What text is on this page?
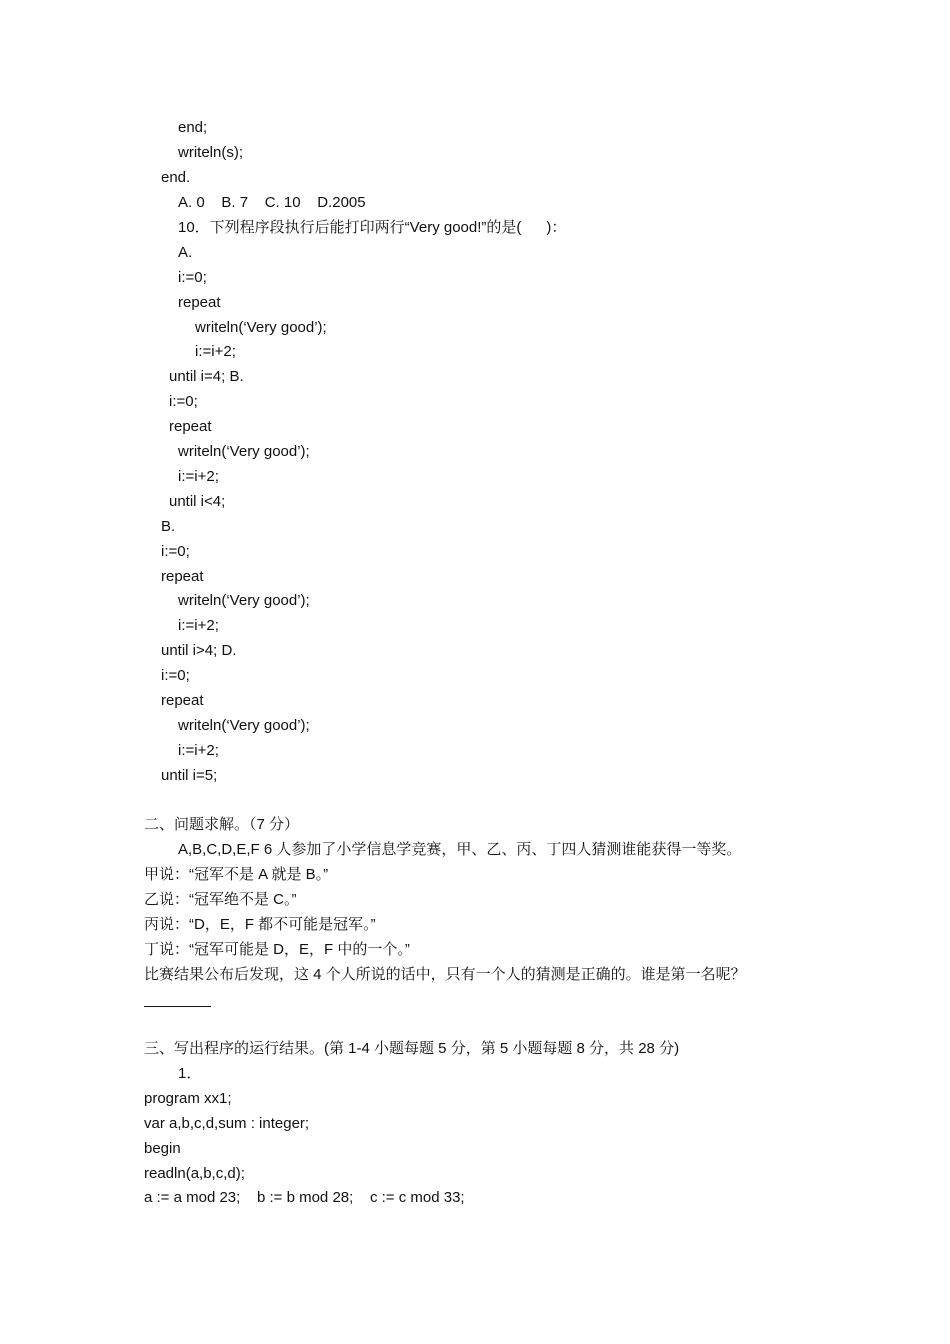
end;
writeln(s);
end.
A. 0    B. 7    C. 10    D.2005
10．下列程序段执行后能打印两行“Very good!”的是(      )：
A.
i:=0;
repeat
writeln(‘Very good’);
i:=i+2;
until i=4; B.
i:=0;
repeat
writeln(‘Very good’);
i:=i+2;
until i<4;
B.
i:=0;
repeat
writeln(‘Very good’);
i:=i+2;
until i>4; D.
i:=0;
repeat
writeln(‘Very good’);
i:=i+2;
until i=5;
二、问题求解。（7 分）
A,B,C,D,E,F 6 人参加了小学信息学竞赛，甲、乙、丙、丁四人猜测谁能获得一等奖。
甲说：“冠军不是 A 就是 B。”
乙说：“冠军绝不是 C。”
丙说：“D，E，F 都不可能是冠军。”
丁说：“冠军可能是 D，E，F 中的一个。”
比赛结果公布后发现，这 4 个人所说的话中，只有一个人的猜测是正确的。谁是第一名呢？
三、写出程序的运行结果。(第 1-4 小题每题 5 分，第 5 小题每题 8 分，共 28 分)
1．
program xx1;
var a,b,c,d,sum : integer;
begin
readln(a,b,c,d);
a := a mod 23;    b := b mod 28;    c := c mod 33;
